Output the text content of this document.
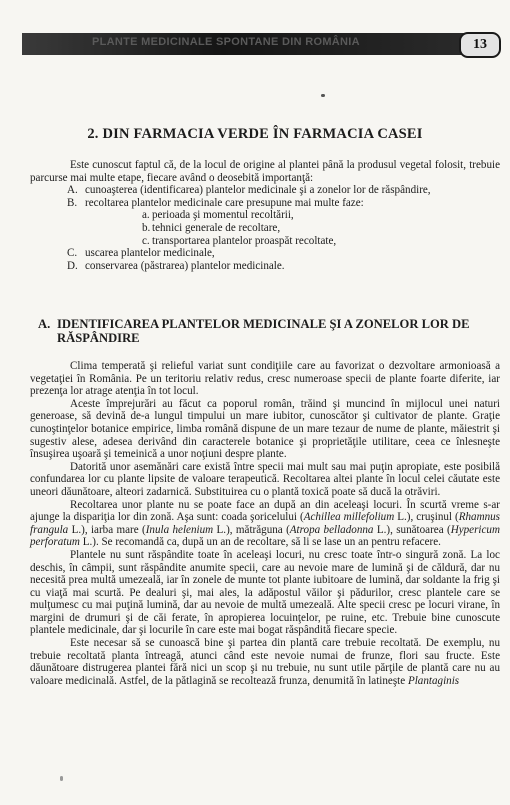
PLANTE MEDICINALE SPONTANE DIN ROMÂNIA	13
2. DIN FARMACIA VERDE ÎN FARMACIA CASEI

Este cunoscut faptul că, de la locul de origine al plantei până la produsul vegetal folosit, trebuie parcurse mai multe etape, fiecare având o deosebită importanţă:

A. cunoaşterea (identificarea) plantelor medicinale şi a zonelor lor de răspândire,
B. recoltarea plantelor medicinale care presupune mai multe faze:
a. perioada şi momentul recoltării,
b. tehnici generale de recoltare,
c. transportarea plantelor proaspăt recoltate,
C. uscarea plantelor medicinale,
D. conservarea (păstrarea) plantelor medicinale.
A. IDENTIFICAREA PLANTELOR MEDICINALE ŞI A ZONELOR LOR DE
RĂSPÂNDIRE

Clima temperată şi relieful variat sunt condiţiile care au favorizat o dezvoltare armonioasă a vegetaţiei în România. Pe un teritoriu relativ redus, cresc numeroase specii de plante foarte diferite, iar prezenţa lor atrage atenţia în tot locul.

Aceste împrejurări au făcut ca poporul român, trăind şi muncind în mijlocul unei naturi generoase, să devină de-a lungul timpului un mare iubitor, cunoscător şi cultivator de plante. Graţie cunoştinţelor botanice empirice, limba română dispune de un mare tezaur de nume de plante, măiestrit şi sugestiv alese, adesea derivând din caracterele botanice şi proprietăţile utilitare, ceea ce înlesneşte însuşirea uşoară şi temeinică a unor noţiuni despre plante.

Datorită unor asemănări care există între specii mai mult sau mai puţin apropiate, este posibilă confundarea lor cu plante lipsite de valoare terapeutică. Recoltarea altei plante în locul celei căutate este uneori dăunătoare, alteori zadarnică. Substituirea cu o plantă toxică poate să ducă la otrăviri.

Recoltarea unor plante nu se poate face an după an din aceleaşi locuri. În scurtă vreme s-ar ajunge la dispariţia lor din zonă. Aşa sunt: coada şoricelului (Achillea millefolium L.), cruşinul (Rhamnus frangula L.), iarba mare (Inula helenium L.), mătrăguna (Atropa belladonna L.), sunătoarea (Hypericum perforatum L.). Se recomandă ca, după un an de recoltare, să li se lase un an pentru refacere.

Plantele nu sunt răspândite toate în aceleaşi locuri, nu cresc toate într-o singură zonă. La loc deschis, în câmpii, sunt răspândite anumite specii, care au nevoie mare de lumină şi de căldură, dar nu necesită prea multă umezeală, iar în zonele de munte tot plante iubitoare de lumină, dar soldante la frig şi cu viaţă mai scurtă. Pe dealuri şi, mai ales, la adăpostul văilor şi pădurilor, cresc plantele care se mulţumesc cu mai puţină lumină, dar au nevoie de multă umezeală. Alte specii cresc pe locuri virane, în margini de drumuri şi de căi ferate, în apropierea locuinţelor, pe ruine, etc. Trebuie bine cunoscute plantele medicinale, dar şi locurile în care este mai bogat răspândită fiecare specie.

Este necesar să se cunoască bine şi partea din plantă care trebuie recoltată. De exemplu, nu trebuie recoltată planta întreagă, atunci când este nevoie numai de frunze, flori sau fructe. Este dăunătoare distrugerea plantei fără nici un scop şi nu trebuie, nu sunt utile părţile de plantă care nu au valoare medicinală. Astfel, de la pătlagină se recoltează frunza, denumită în latineşte Plantaginis
